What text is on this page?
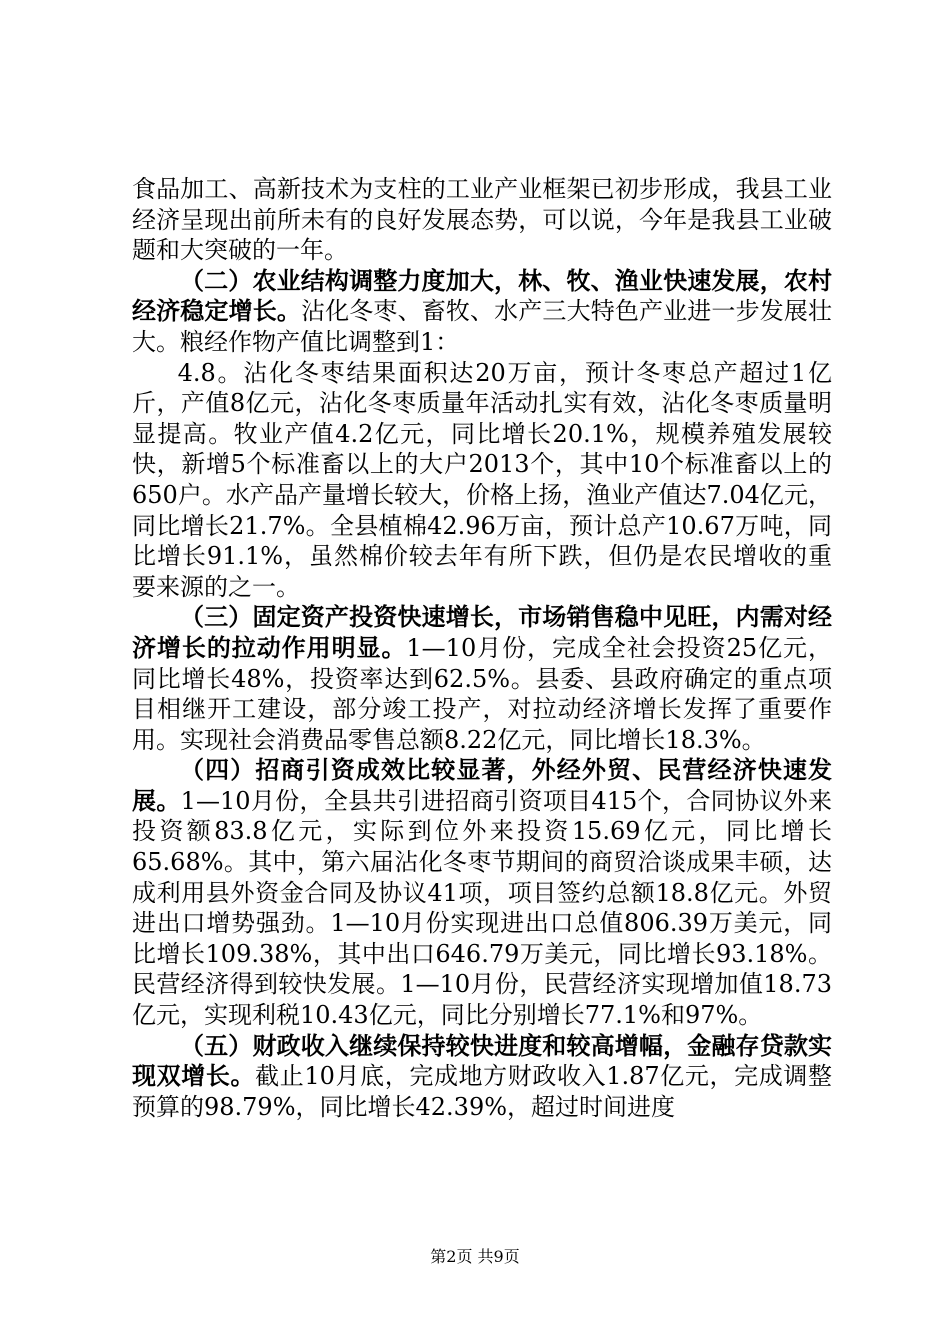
食品加工、高新技术为支柱的工业产业框架已初步形成，我县工业经济呈现出前所未有的良好发展态势，可以说，今年是我县工业破题和大突破的一年。

（二）农业结构调整力度加大，林、牧、渔业快速发展，农村经济稳定增长。沾化冬枣、畜牧、水产三大特色产业进一步发展壮大。粮经作物产值比调整到1：

4.8。沾化冬枣结果面积达20万亩，预计冬枣总产超过1亿斤，产值8亿元，沾化冬枣质量年活动扎实有效，沾化冬枣质量明显提高。牧业产值4.2亿元，同比增长20.1%，规模养殖发展较快，新增5个标准畜以上的大户2013个，其中10个标准畜以上的650户。水产品产量增长较大，价格上扬，渔业产值达7.04亿元，同比增长21.7%。全县植棉42.96万亩，预计总产10.67万吨，同比增长91.1%，虽然棉价较去年有所下跌，但仍是农民增收的重要来源的之一。

（三）固定资产投资快速增长，市场销售稳中见旺，内需对经济增长的拉动作用明显。1—10月份，完成全社会投资25亿元，同比增长48%，投资率达到62.5%。县委、县政府确定的重点项目相继开工建设，部分竣工投产，对拉动经济增长发挥了重要作用。实现社会消费品零售总额8.22亿元，同比增长18.3%。

（四）招商引资成效比较显著，外经外贸、民营经济快速发展。1—10月份，全县共引进招商引资项目415个，合同协议外来投资额83.8亿元，实际到位外来投资15.69亿元，同比增长65.68%。其中，第六届沾化冬枣节期间的商贸洽谈成果丰硕，达成利用县外资金合同及协议41项，项目签约总额18.8亿元。外贸进出口增势强劲。1—10月份实现进出口总值806.39万美元，同比增长109.38%，其中出口646.79万美元，同比增长93.18%。民营经济得到较快发展。1—10月份，民营经济实现增加值18.73亿元，实现利税10.43亿元，同比分别增长77.1%和97%。

（五）财政收入继续保持较快进度和较高增幅，金融存贷款实现双增长。截止10月底，完成地方财政收入1.87亿元，完成调整预算的98.79%，同比增长42.39%，超过时间进度

第2页 共9页
